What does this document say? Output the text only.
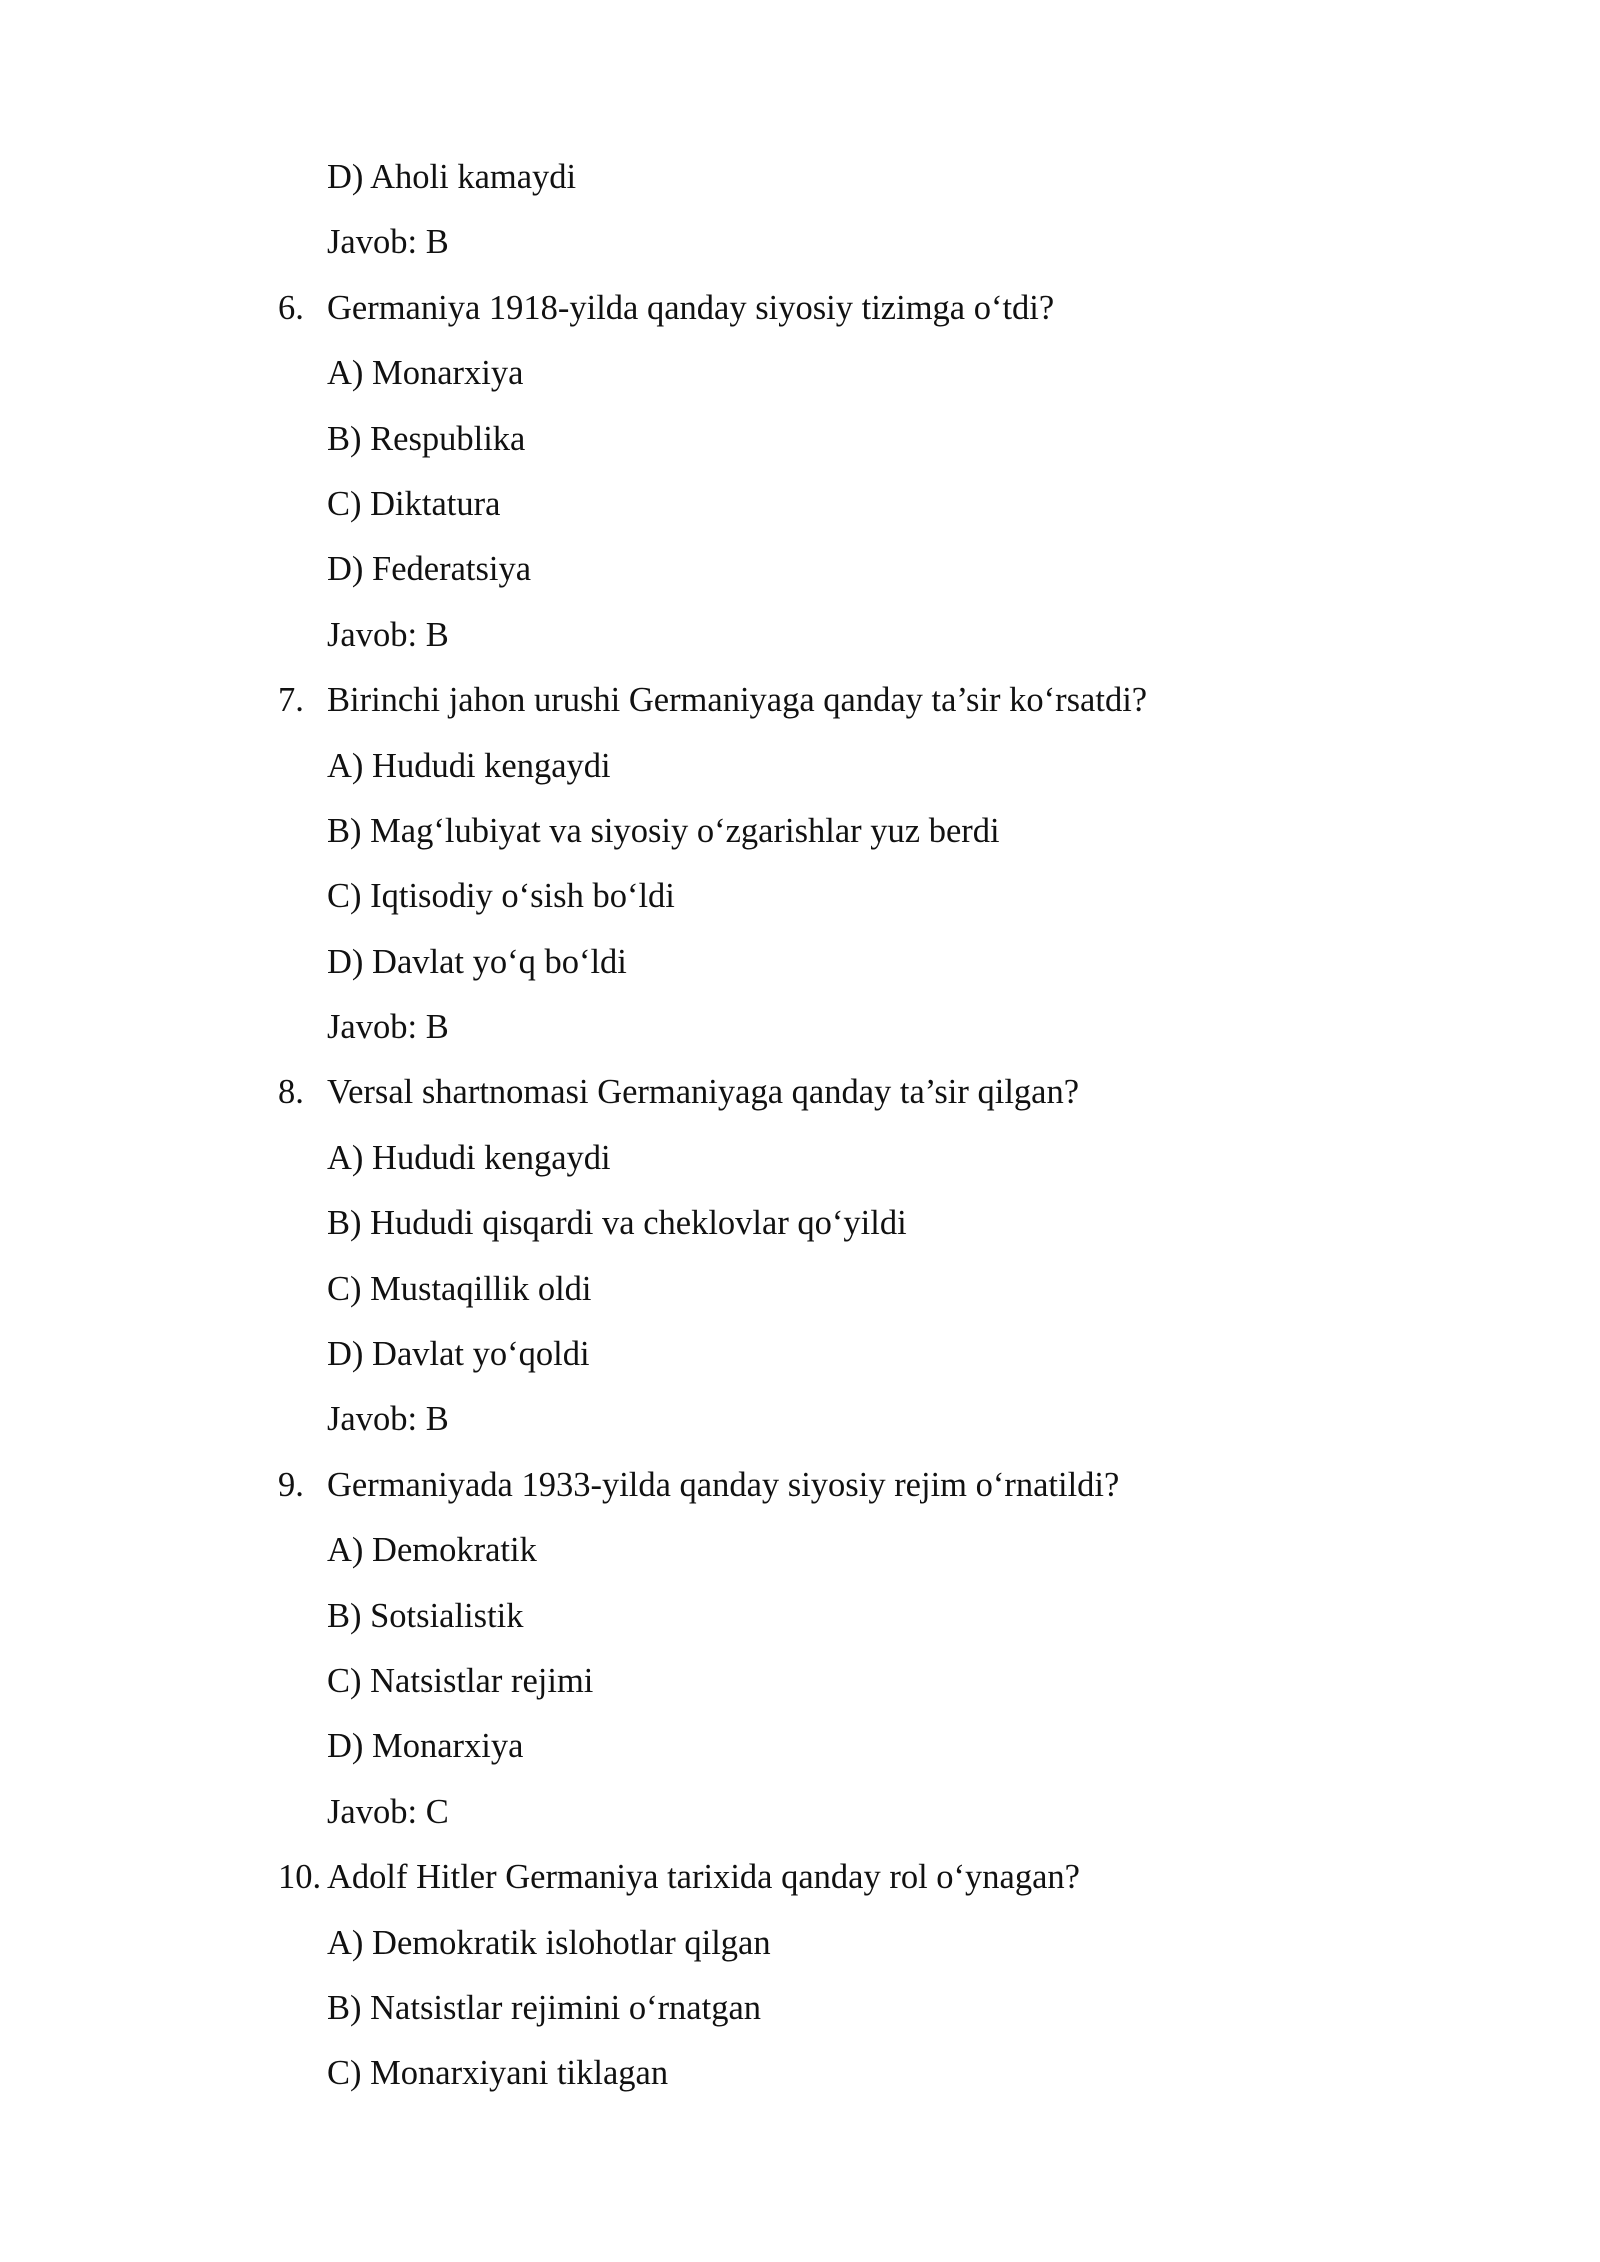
D) Aholi kamaydi
Javob: B
6. Germaniya 1918-yilda qanday siyosiy tizimga o‘tdi?
A) Monarxiya
B) Respublika
C) Diktatura
D) Federatsiya
Javob: B
7. Birinchi jahon urushi Germaniyaga qanday ta’sir ko‘rsatdi?
A) Hududi kengaydi
B) Mag‘lubiyat va siyosiy o‘zgarishlar yuz berdi
C) Iqtisodiy o‘sish bo‘ldi
D) Davlat yo‘q bo‘ldi
Javob: B
8. Versal shartnomasi Germaniyaga qanday ta’sir qilgan?
A) Hududi kengaydi
B) Hududi qisqardi va cheklovlar qo‘yildi
C) Mustaqillik oldi
D) Davlat yo‘qoldi
Javob: B
9. Germaniyada 1933-yilda qanday siyosiy rejim o‘rnatildi?
A) Demokratik
B) Sotsialistik
C) Natsistlar rejimi
D) Monarxiya
Javob: C
10. Adolf Hitler Germaniya tarixida qanday rol o‘ynagan?
A) Demokratik islohotlar qilgan
B) Natsistlar rejimini o‘rnatgan
C) Monarxiyani tiklagan
